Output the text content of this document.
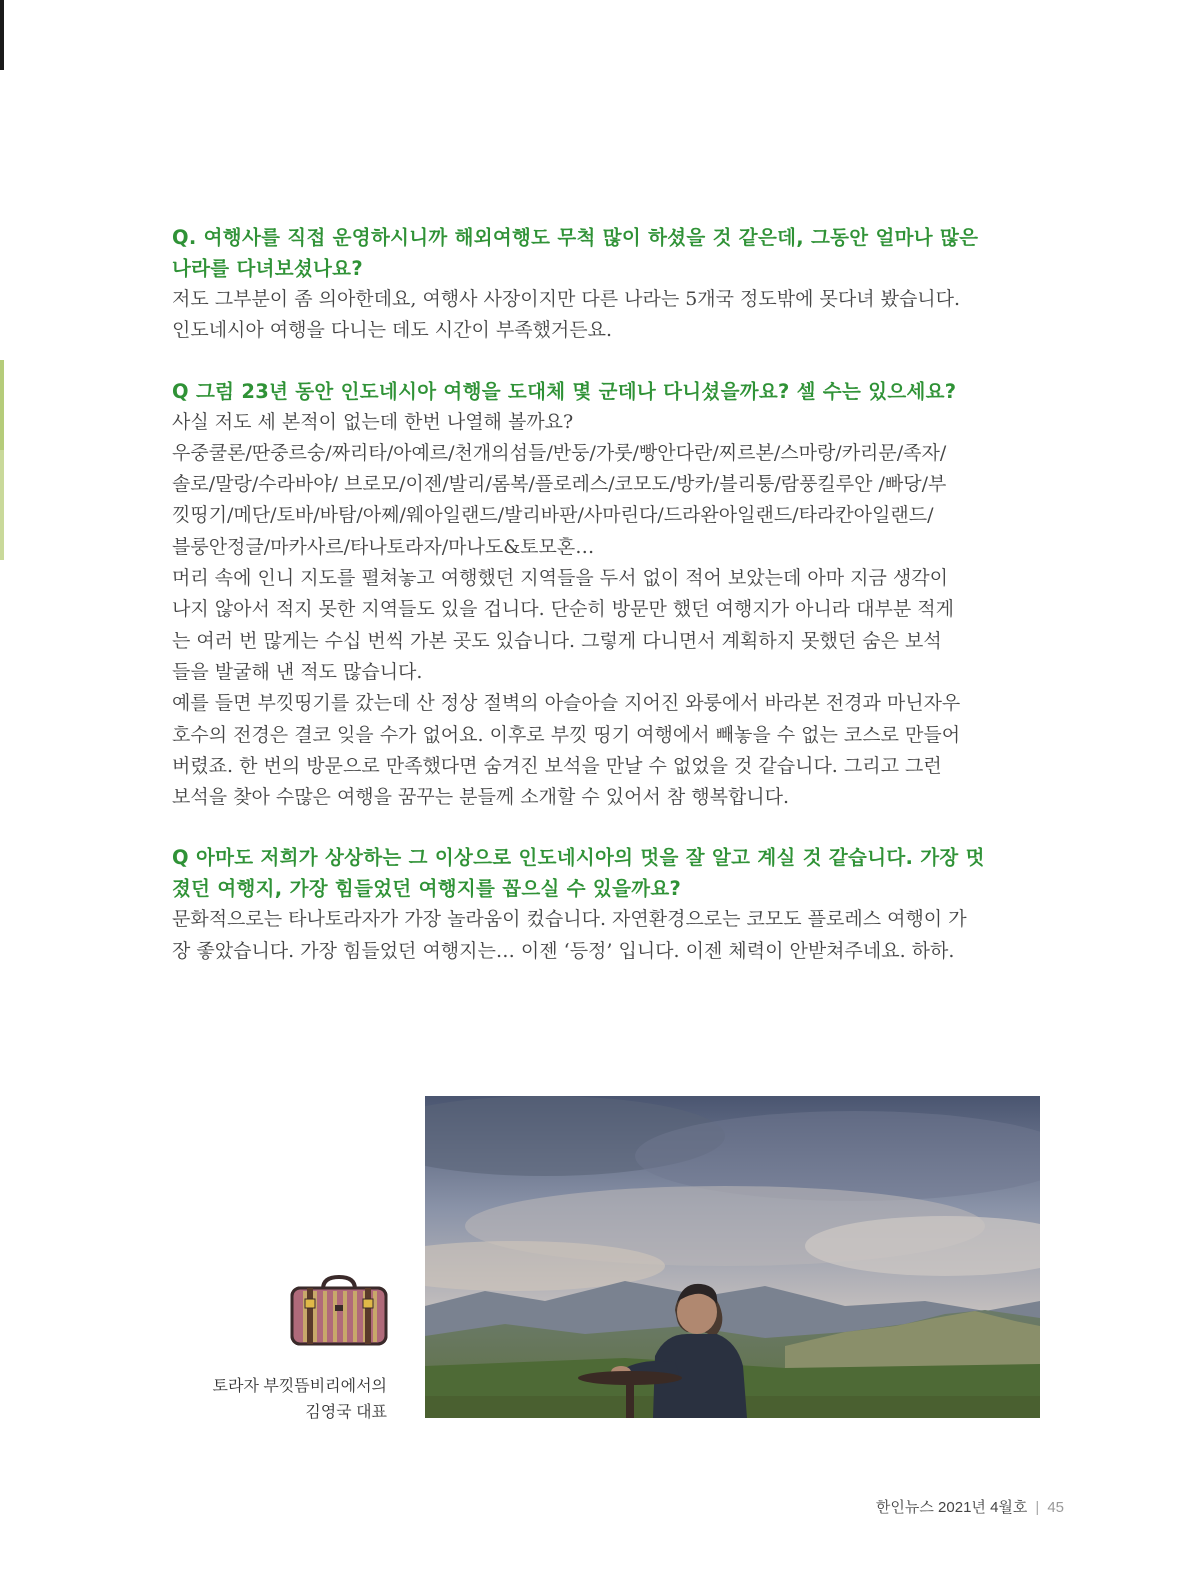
Q. 여행사를 직접 운영하시니까 해외여행도 무척 많이 하셨을 것 같은데, 그동안 얼마나 많은

나라를 다녀보셨나요?

저도 그부분이 좀 의아한데요, 여행사 사장이지만 다른 나라는 5개국 정도밖에 못다녀 봤습니다.

인도네시아 여행을 다니는 데도 시간이 부족했거든요.

Q 그럼 23년 동안 인도네시아 여행을 도대체 몇 군데나 다니셨을까요? 셀 수는 있으세요?

사실 저도 세 본적이 없는데 한번 나열해 볼까요?

우중쿨론/딴중르숭/짜리타/아예르/천개의섬들/반둥/가룻/빵안다란/찌르본/스마랑/카리문/족자/

솔로/말랑/수라바야/ 브로모/이젠/발리/롬복/플로레스/코모도/방카/블리퉁/람풍킬루안 /빠당/부

낏띵기/메단/토바/바탐/아쩨/웨아일랜드/발리바판/사마린다/드라완아일랜드/타라칸아일랜드/

블룽안정글/마카사르/타나토라자/마나도&토모혼…

머리 속에 인니 지도를 펼쳐놓고 여행했던 지역들을 두서 없이 적어 보았는데 아마 지금 생각이

나지 않아서 적지 못한 지역들도 있을 겁니다. 단순히 방문만 했던 여행지가 아니라 대부분 적게

는 여러 번 많게는 수십 번씩 가본 곳도 있습니다. 그렇게 다니면서 계획하지 못했던 숨은 보석

들을 발굴해 낸 적도 많습니다.

예를 들면 부낏띵기를 갔는데 산 정상 절벽의 아슬아슬 지어진 와룽에서 바라본 전경과 마닌자우

호수의 전경은 결코 잊을 수가 없어요. 이후로 부낏 띵기 여행에서 빼놓을 수 없는 코스로 만들어

버렸죠. 한 번의 방문으로 만족했다면 숨겨진 보석을 만날 수 없었을 것 같습니다. 그리고 그런

보석을 찾아 수많은 여행을 꿈꾸는 분들께 소개할 수 있어서 참 행복합니다.

Q 아마도 저희가 상상하는 그 이상으로 인도네시아의 멋을 잘 알고 계실 것 같습니다. 가장 멋

졌던 여행지, 가장 힘들었던 여행지를 꼽으실 수 있을까요?

문화적으로는 타나토라자가 가장 놀라움이 컸습니다. 자연환경으로는 코모도 플로레스 여행이 가

장 좋았습니다. 가장 힘들었던 여행지는… 이젠 ‘등정’ 입니다. 이젠 체력이 안받쳐주네요. 하하.

토라자 부낏뜸비리에서의
김영국 대표
한인뉴스 2021년 4월호 | 45
